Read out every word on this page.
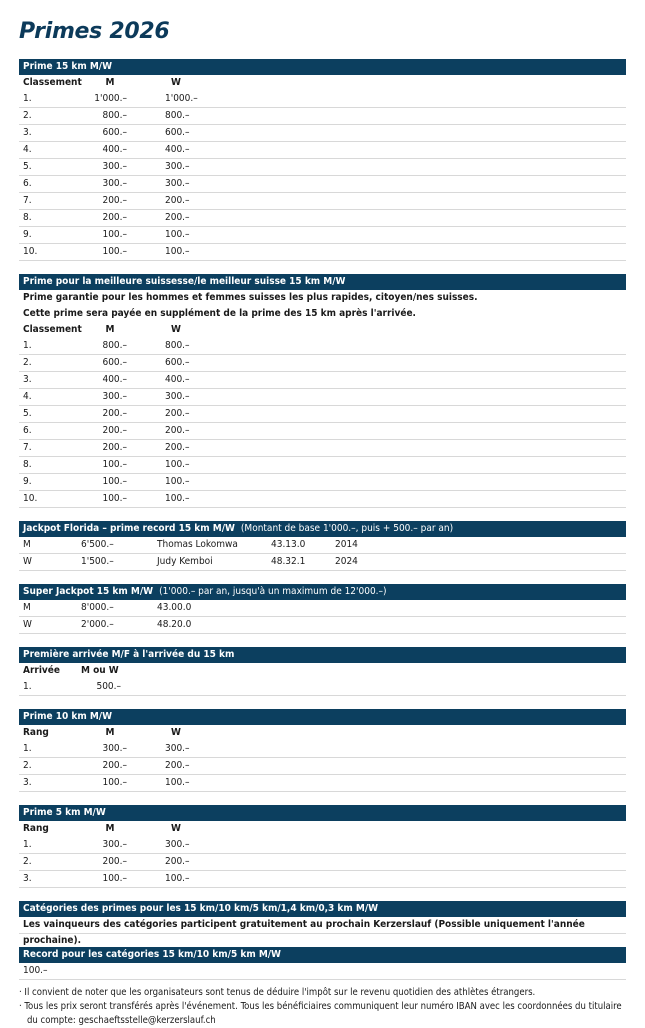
Primes 2026
Prime 15 km M/W
Classement	M	W
1.	1'000.–	1'000.–
2.	800.–	800.–
3.	600.–	600.–
4.	400.–	400.–
5.	300.–	300.–
6.	300.–	300.–
7.	200.–	200.–
8.	200.–	200.–
9.	100.–	100.–
10.	100.–	100.–
Prime pour la meilleure suissesse/le meilleur suisse 15 km M/W
Prime garantie pour les hommes et femmes suisses les plus rapides, citoyen/nes suisses.
Cette prime sera payée en supplément de la prime des 15 km après l'arrivée.
Classement	M	W
1.	800.–	800.–
2.	600.–	600.–
3.	400.–	400.–
4.	300.–	300.–
5.	200.–	200.–
6.	200.–	200.–
7.	200.–	200.–
8.	100.–	100.–
9.	100.–	100.–
10.	100.–	100.–
Jackpot Florida – prime record 15 km M/W (Montant de base 1'000.–, puis + 500.– par an)
M	6'500.–	Thomas Lokomwa	43.13.0	2014
W	1'500.–	Judy Kemboi	48.32.1	2024
Super Jackpot 15 km M/W (1'000.– par an, jusqu'à un maximum de 12'000.–)
M	8'000.–	43.00.0
W	2'000.–	48.20.0
Première arrivée M/F à l'arrivée du 15 km
Arrivée	M ou W
1.	500.–
Prime 10 km M/W
Rang	M	W
1.	300.–	300.–
2.	200.–	200.–
3.	100.–	100.–
Prime 5 km M/W
Rang	M	W
1.	300.–	300.–
2.	200.–	200.–
3.	100.–	100.–
Catégories des primes pour les 15 km/10 km/5 km/1,4 km/0,3 km M/W
Les vainqueurs des catégories participent gratuitement au prochain Kerzerslauf (Possible uniquement l'année prochaine).
Record pour les catégories 15 km/10 km/5 km M/W
100.–
· Il convient de noter que les organisateurs sont tenus de déduire l'impôt sur le revenu quotidien des athlètes étrangers.
· Tous les prix seront transférés après l'événement. Tous les bénéficiaires communiquent leur numéro IBAN avec les coordonnées du titulaire du compte: geschaeftsstelle@kerzerslauf.ch
